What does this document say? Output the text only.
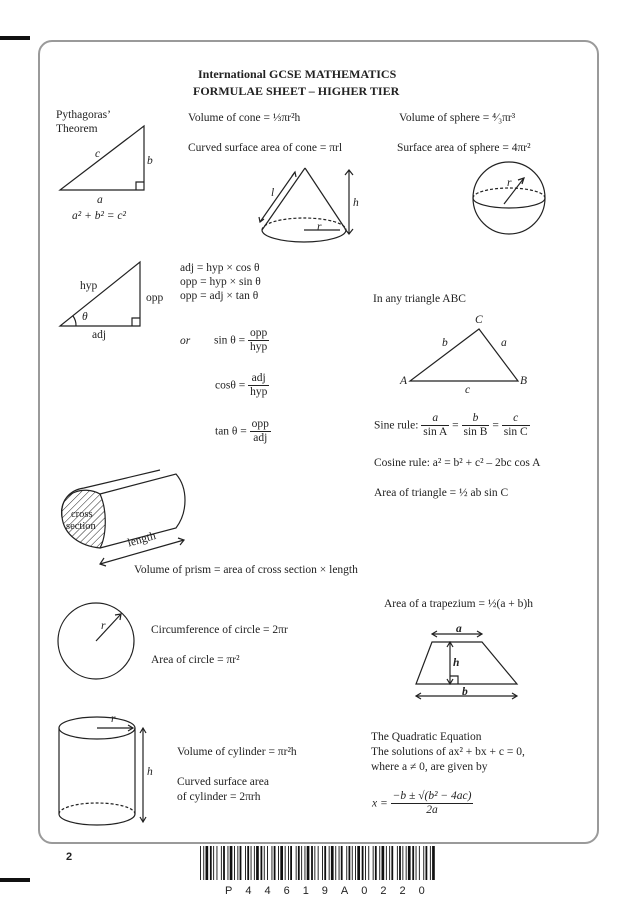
International GCSE MATHEMATICS
FORMULAE SHEET – HIGHER TIER
Pythagoras’
Theorem
c
b
a
a² + b² = c²
Volume of cone = ⅓πr²h
Curved surface area of cone = πrl
l
h
r
Volume of sphere = ⁴⁄₃πr³
Surface area of sphere = 4πr²
r
hyp
opp
θ
adj
adj = hyp × cos θ
opp = hyp × sin θ
opp = adj × tan θ
or $\sin \theta = \frac{\text{opp}}{\text{hyp}}$
$\cos\theta = \frac{\text{adj}}{\text{hyp}}$
$\tan \theta = \frac{\text{opp}}{\text{adj}}$
In any triangle ABC
C
b	a
A	B
c
Sine rule: $\frac{a}{\text{sin A}} = \frac{b}{\text{sin B}} = \frac{c}{\text{sin C}}$
Cosine rule: a² = b² + c² – 2bc cos A
Area of triangle = ½ ab sin C
cross
section
length
Volume of prism = area of cross section × length
Area of a trapezium = ½(a + b)h
a
h
b
r	Circumference of circle = 2πr
Area of circle = πr²
r
h
Volume of cylinder = πr²h
Curved surface area
of cylinder = 2πrh
The Quadratic Equation
The solutions of ax² + bx + c = 0,
where a ≠ 0, are given by
$x = \frac{\text{−b ± √(b² − 4ac)}}{2a}$
2
P44619A0220
